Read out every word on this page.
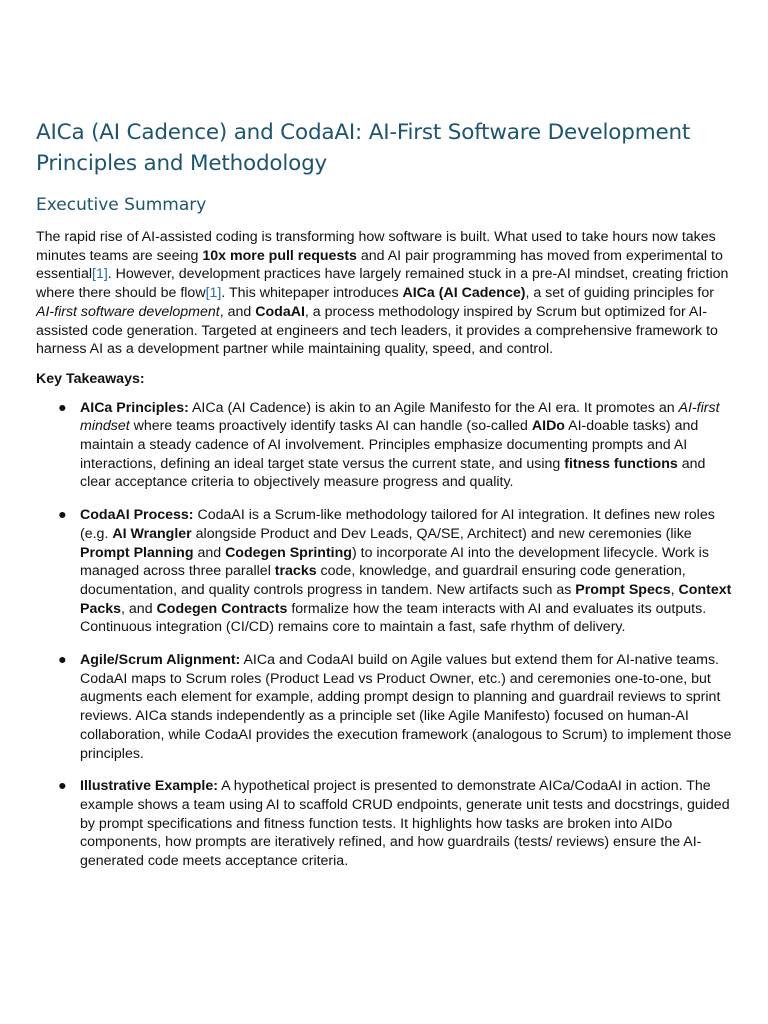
AICa (AI Cadence) and CodaAI: AI-First Software Development Principles and Methodology
Executive Summary

The rapid rise of AI-assisted coding is transforming how software is built. What used to take hours now takes minutes teams are seeing 10x more pull requests and AI pair programming has moved from experimental to essential[1]. However, development practices have largely remained stuck in a pre-AI mindset, creating friction where there should be flow[1]. This whitepaper introduces AICa (AI Cadence), a set of guiding principles for AI-first software development, and CodaAI, a process methodology inspired by Scrum but optimized for AI-assisted code generation. Targeted at engineers and tech leaders, it provides a comprehensive framework to harness AI as a development partner while maintaining quality, speed, and control.

Key Takeaways:

● AICa Principles: AICa (AI Cadence) is akin to an Agile Manifesto for the AI era. It promotes an AI-first mindset where teams proactively identify tasks AI can handle (so-called AIDo AI-doable tasks) and maintain a steady cadence of AI involvement. Principles emphasize documenting prompts and AI interactions, defining an ideal target state versus the current state, and using fitness functions and clear acceptance criteria to objectively measure progress and quality.
● CodaAI Process: CodaAI is a Scrum-like methodology tailored for AI integration. It defines new roles (e.g. AI Wrangler alongside Product and Dev Leads, QA/SE, Architect) and new ceremonies (like Prompt Planning and Codegen Sprinting) to incorporate AI into the development lifecycle. Work is managed across three parallel tracks code, knowledge, and guardrail ensuring code generation, documentation, and quality controls progress in tandem. New artifacts such as Prompt Specs, Context Packs, and Codegen Contracts formalize how the team interacts with AI and evaluates its outputs. Continuous integration (CI/CD) remains core to maintain a fast, safe rhythm of delivery.
● Agile/Scrum Alignment: AICa and CodaAI build on Agile values but extend them for AI-native teams. CodaAI maps to Scrum roles (Product Lead vs Product Owner, etc.) and ceremonies one-to-one, but augments each element for example, adding prompt design to planning and guardrail reviews to sprint reviews. AICa stands independently as a principle set (like Agile Manifesto) focused on human-AI collaboration, while CodaAI provides the execution framework (analogous to Scrum) to implement those principles.
● Illustrative Example: A hypothetical project is presented to demonstrate AICa/CodaAI in action. The example shows a team using AI to scaffold CRUD endpoints, generate unit tests and docstrings, guided by prompt specifications and fitness function tests. It highlights how tasks are broken into AIDo components, how prompts are iteratively refined, and how guardrails (tests/ reviews) ensure the AI-generated code meets acceptance criteria.
